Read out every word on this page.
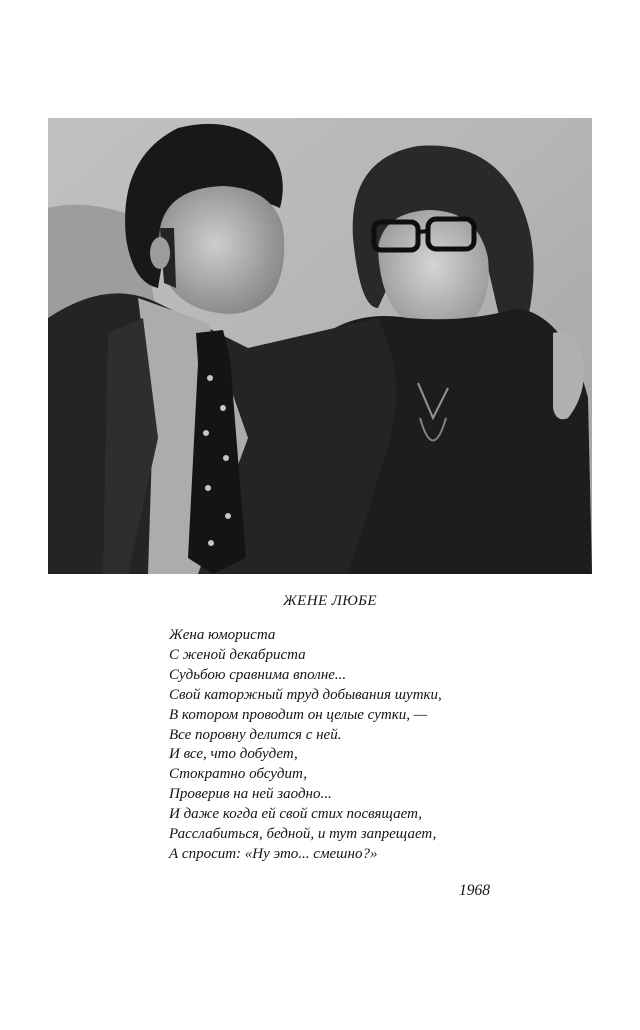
ЖЕНЕ ЛЮБЕ
Жена юмориста
С женой декабриста
Судьбою сравнима вполне...
Свой каторжный труд добывания шутки,
В котором проводит он целые сутки, —
Все поровну делится с ней.
И все, что добудет,
Стократно обсудит,
Проверив на ней заодно...
И даже когда ей свой стих посвящает,
Расслабиться, бедной, и тут запрещает,
А спросит: «Ну это... смешно?»
1968
